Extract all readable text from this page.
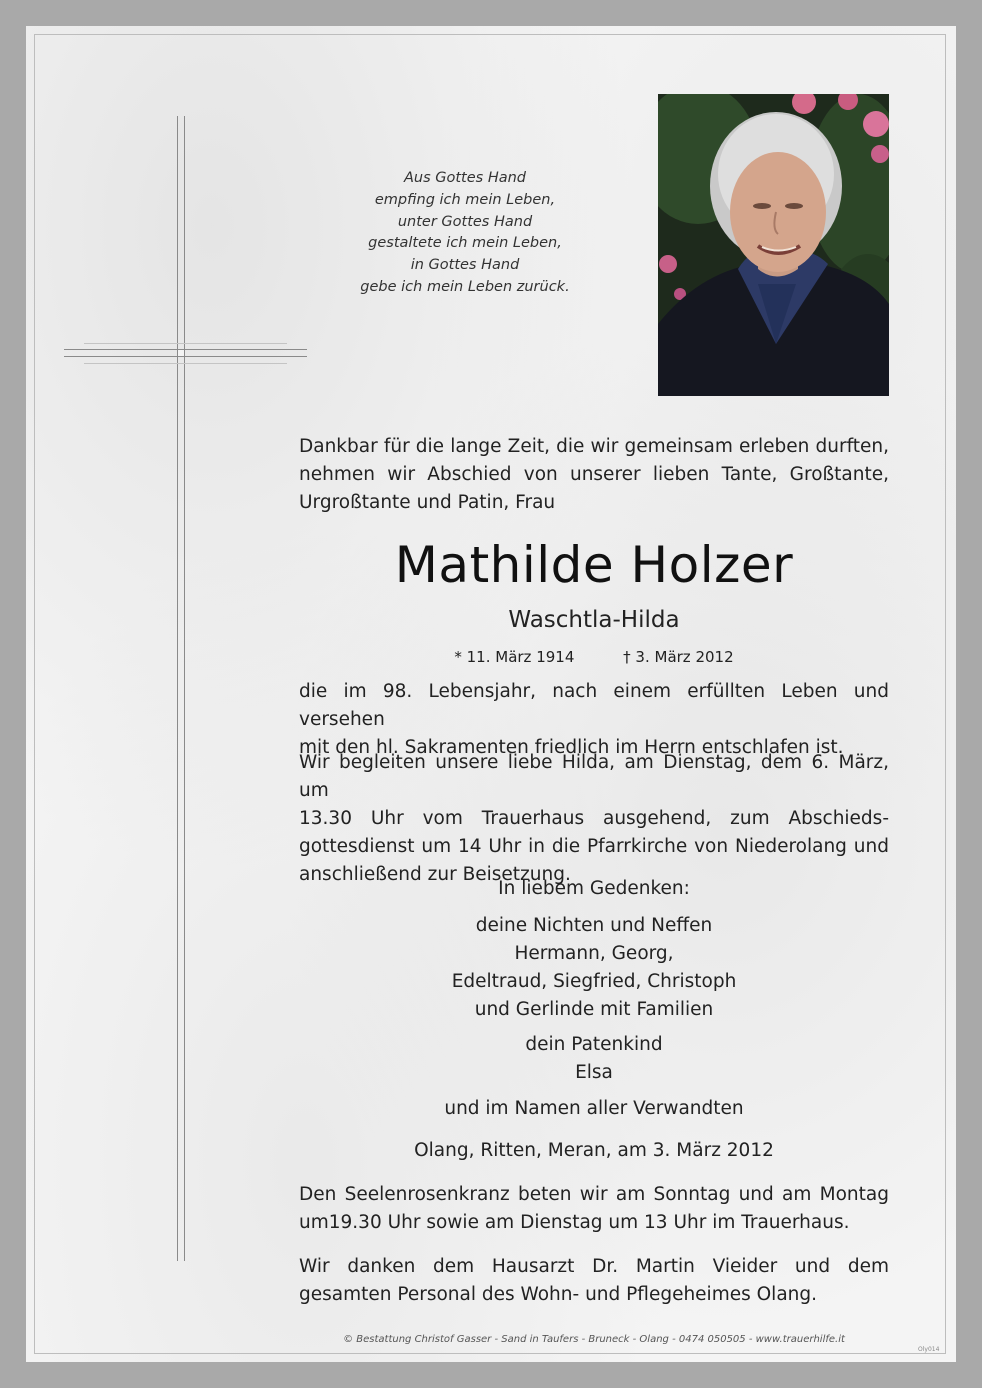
Aus Gottes Hand
empfing ich mein Leben,
unter Gottes Hand
gestaltete ich mein Leben,
in Gottes Hand
gebe ich mein Leben zurück.
Dankbar für die lange Zeit, die wir gemeinsam erleben durften,
nehmen wir Abschied von unserer lieben Tante, Großtante,
Urgroßtante und Patin, Frau
Mathilde Holzer
Waschtla-Hilda
* 11. März 1914	† 3. März 2012
die im 98. Lebensjahr, nach einem erfüllten Leben und versehen
mit den hl. Sakramenten friedlich im Herrn entschlafen ist.
Wir begleiten unsere liebe Hilda, am Dienstag, dem 6. März, um
13.30 Uhr vom Trauerhaus ausgehend, zum Abschieds-
gottesdienst um 14 Uhr in die Pfarrkirche von Niederolang und
anschließend zur Beisetzung.
In liebem Gedenken:
deine Nichten und Neffen
Hermann, Georg,
Edeltraud, Siegfried, Christoph
und Gerlinde mit Familien
dein Patenkind
Elsa
und im Namen aller Verwandten
Olang, Ritten, Meran, am 3. März 2012
Den Seelenrosenkranz beten wir am Sonntag und am Montag
um19.30 Uhr sowie am Dienstag um 13 Uhr im Trauerhaus.
Wir danken dem Hausarzt Dr. Martin Vieider und dem
gesamten Personal des Wohn- und Pflegeheimes Olang.
© Bestattung Christof Gasser - Sand in Taufers - Bruneck - Olang - 0474 050505 - www.trauerhilfe.it
Oly014
